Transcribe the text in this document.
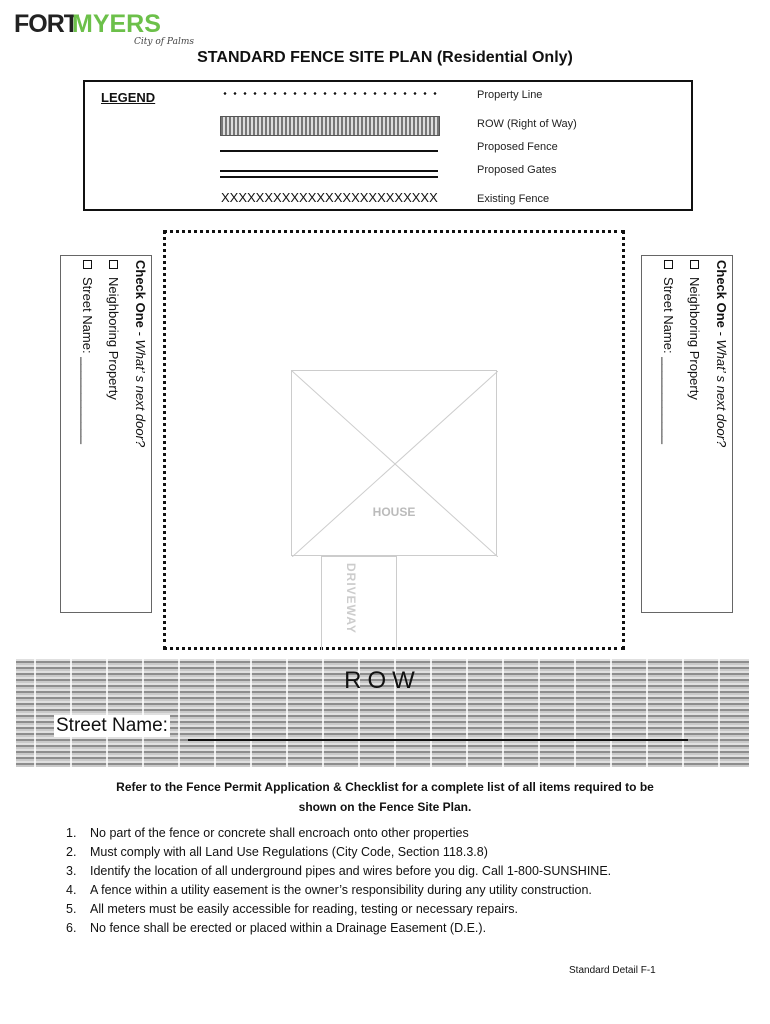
FORT
MYERS
City of Palms
STANDARD FENCE SITE PLAN (Residential Only)
LEGEND	Property Line
ROW (Right of Way)
Proposed Fence
Proposed Gates
XXXXXXXXXXXXXXXXXXXXXXXXX	Existing Fence
Check One - What’ s next door?
Neighboring Property
Street Name: ____________	Check One - What’ s next door?
Neighboring Property
Street Name: ____________
HOUSE
DRIVEWAY
ROW
Street Name:
Refer to the Fence Permit Application & Checklist for a complete list of all items required to be
shown on the Fence Site Plan.
1.	No part of the fence or concrete shall encroach onto other properties
2.	Must comply with all Land Use Regulations (City Code, Section 118.3.8)
3.	Identify the location of all underground pipes and wires before you dig. Call 1-800-SUNSHINE.
4.	A fence within a utility easement is the owner’s responsibility during any utility construction.
5.	All meters must be easily accessible for reading, testing or necessary repairs.
6.	No fence shall be erected or placed within a Drainage Easement (D.E.).
Standard Detail F-1
